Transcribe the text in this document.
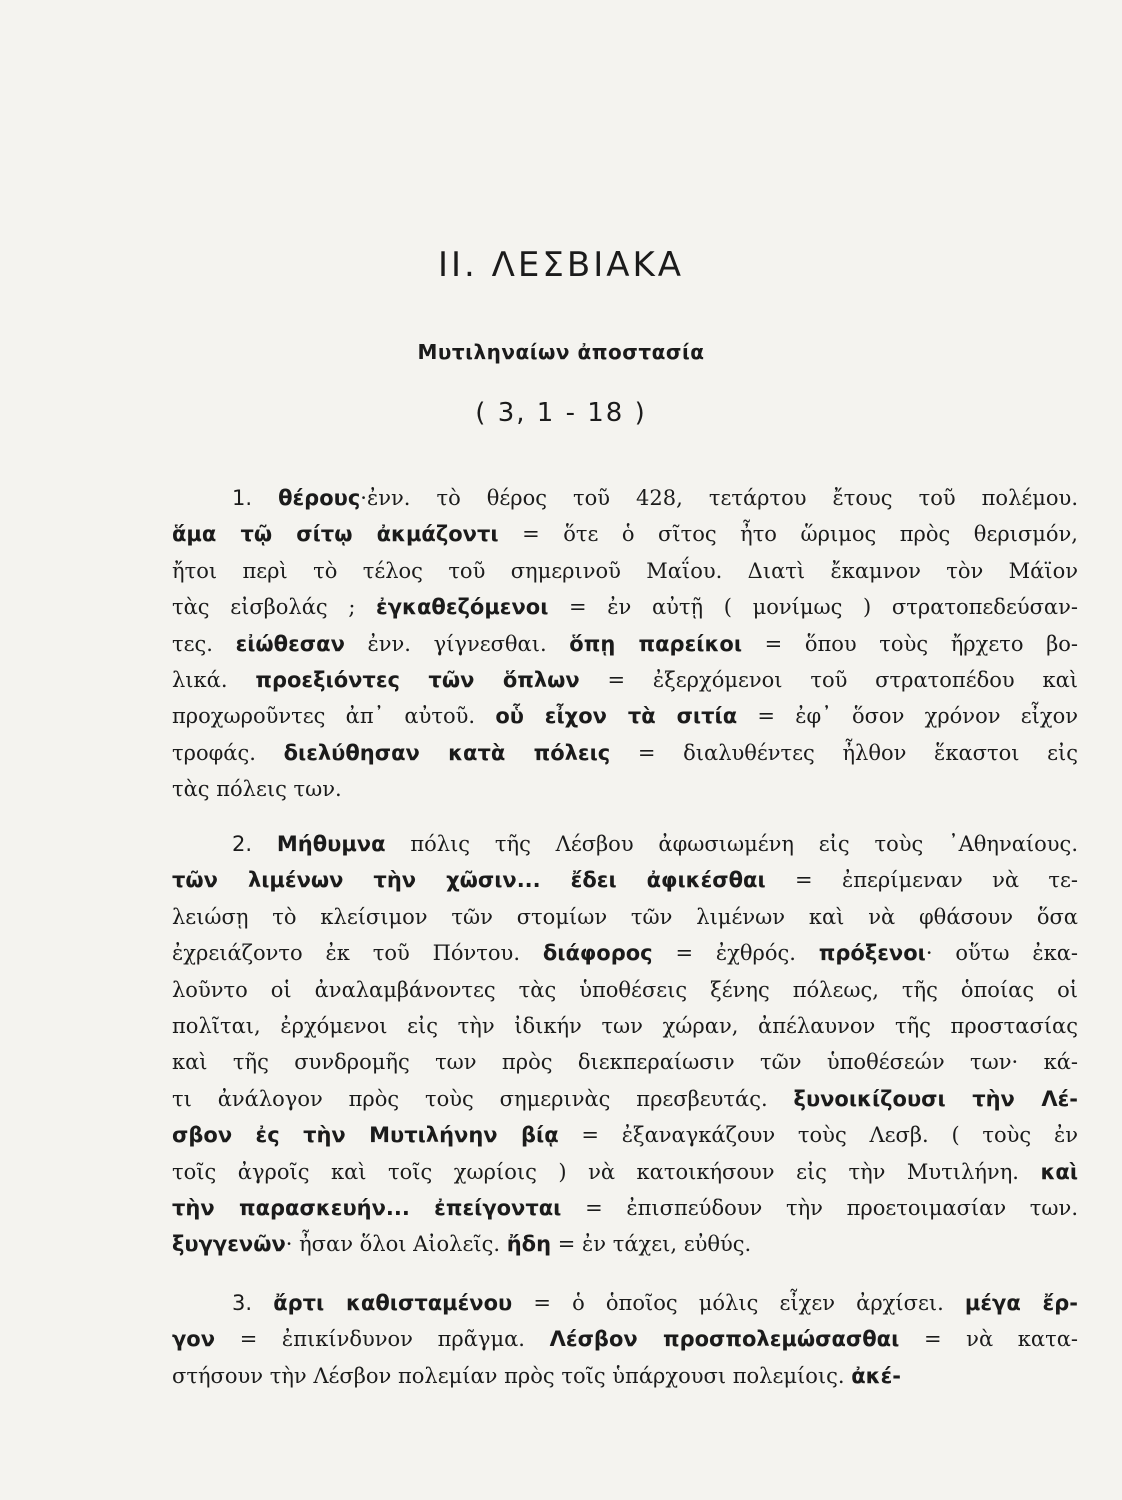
II. ΛΕΣΒΙΑΚΑ
Μυτιληναίων ἀποστασία
( 3, 1 - 18 )
1. θέρους·ἐνν. τὸ θέρος τοῦ 428, τετάρτου ἔτους τοῦ πολέμου.
ἅμα τῷ σίτῳ ἀκμάζοντι = ὅτε ὁ σῖτος ἦτο ὥριμος πρὸς θερισμόν,
ἤτοι περὶ τὸ τέλος τοῦ σημερινοῦ Μαΐου. Διατὶ ἔκαμνον τὸν Μάϊον
τὰς εἰσβολάς ; ἐγκαθεζόμενοι = ἐν αὐτῇ ( μονίμως ) στρατοπεδεύσαν-
τες. εἰώθεσαν ἐνν. γίγνεσθαι. ὅπῃ παρείκοι = ὅπου τοὺς ἤρχετο βο-
λικά. προεξιόντες τῶν ὅπλων = ἐξερχόμενοι τοῦ στρατοπέδου καὶ
προχωροῦντες ἀπ᾽ αὐτοῦ. οὗ εἶχον τὰ σιτία = ἐφ᾽ ὅσον χρόνον εἶχον
τροφάς. διελύθησαν κατὰ πόλεις = διαλυθέντες ἦλθον ἕκαστοι εἰς
τὰς πόλεις των.
2. Μήθυμνα πόλις τῆς Λέσβου ἀφωσιωμένη εἰς τοὺς ᾽Αθηναίους.
τῶν λιμένων τὴν χῶσιν... ἔδει ἀφικέσθαι = ἐπερίμεναν νὰ τε-
λειώσῃ τὸ κλείσιμον τῶν στομίων τῶν λιμένων καὶ νὰ φθάσουν ὅσα
ἐχρειάζοντο ἐκ τοῦ Πόντου. διάφορος = ἐχθρός. πρόξενοι· οὕτω ἐκα-
λοῦντο οἱ ἀναλαμβάνοντες τὰς ὑποθέσεις ξένης πόλεως, τῆς ὁποίας οἱ
πολῖται, ἐρχόμενοι εἰς τὴν ἰδικήν των χώραν, ἀπέλαυνον τῆς προστασίας
καὶ τῆς συνδρομῆς των πρὸς διεκπεραίωσιν τῶν ὑποθέσεών των· κά-
τι ἀνάλογον πρὸς τοὺς σημερινὰς πρεσβευτάς. ξυνοικίζουσι τὴν Λέ-
σβον ἐς τὴν Μυτιλήνην βίᾳ = ἐξαναγκάζουν τοὺς Λεσβ. ( τοὺς ἐν
τοῖς ἀγροῖς καὶ τοῖς χωρίοις ) νὰ κατοικήσουν εἰς τὴν Μυτιλήνη. καὶ
τὴν παρασκευήν... ἐπείγονται = ἐπισπεύδουν τὴν προετοιμασίαν των.
ξυγγενῶν· ἦσαν ὅλοι Αἰολεῖς. ἤδη = ἐν τάχει, εὐθύς.
3. ἄρτι καθισταμένου = ὁ ὁποῖος μόλις εἶχεν ἀρχίσει. μέγα ἔρ-
γον = ἐπικίνδυνον πρᾶγμα. Λέσβον προσπολεμώσασθαι = νὰ κατα-
στήσουν τὴν Λέσβον πολεμίαν πρὸς τοῖς ὑπάρχουσι πολεμίοις. ἀκέ-
